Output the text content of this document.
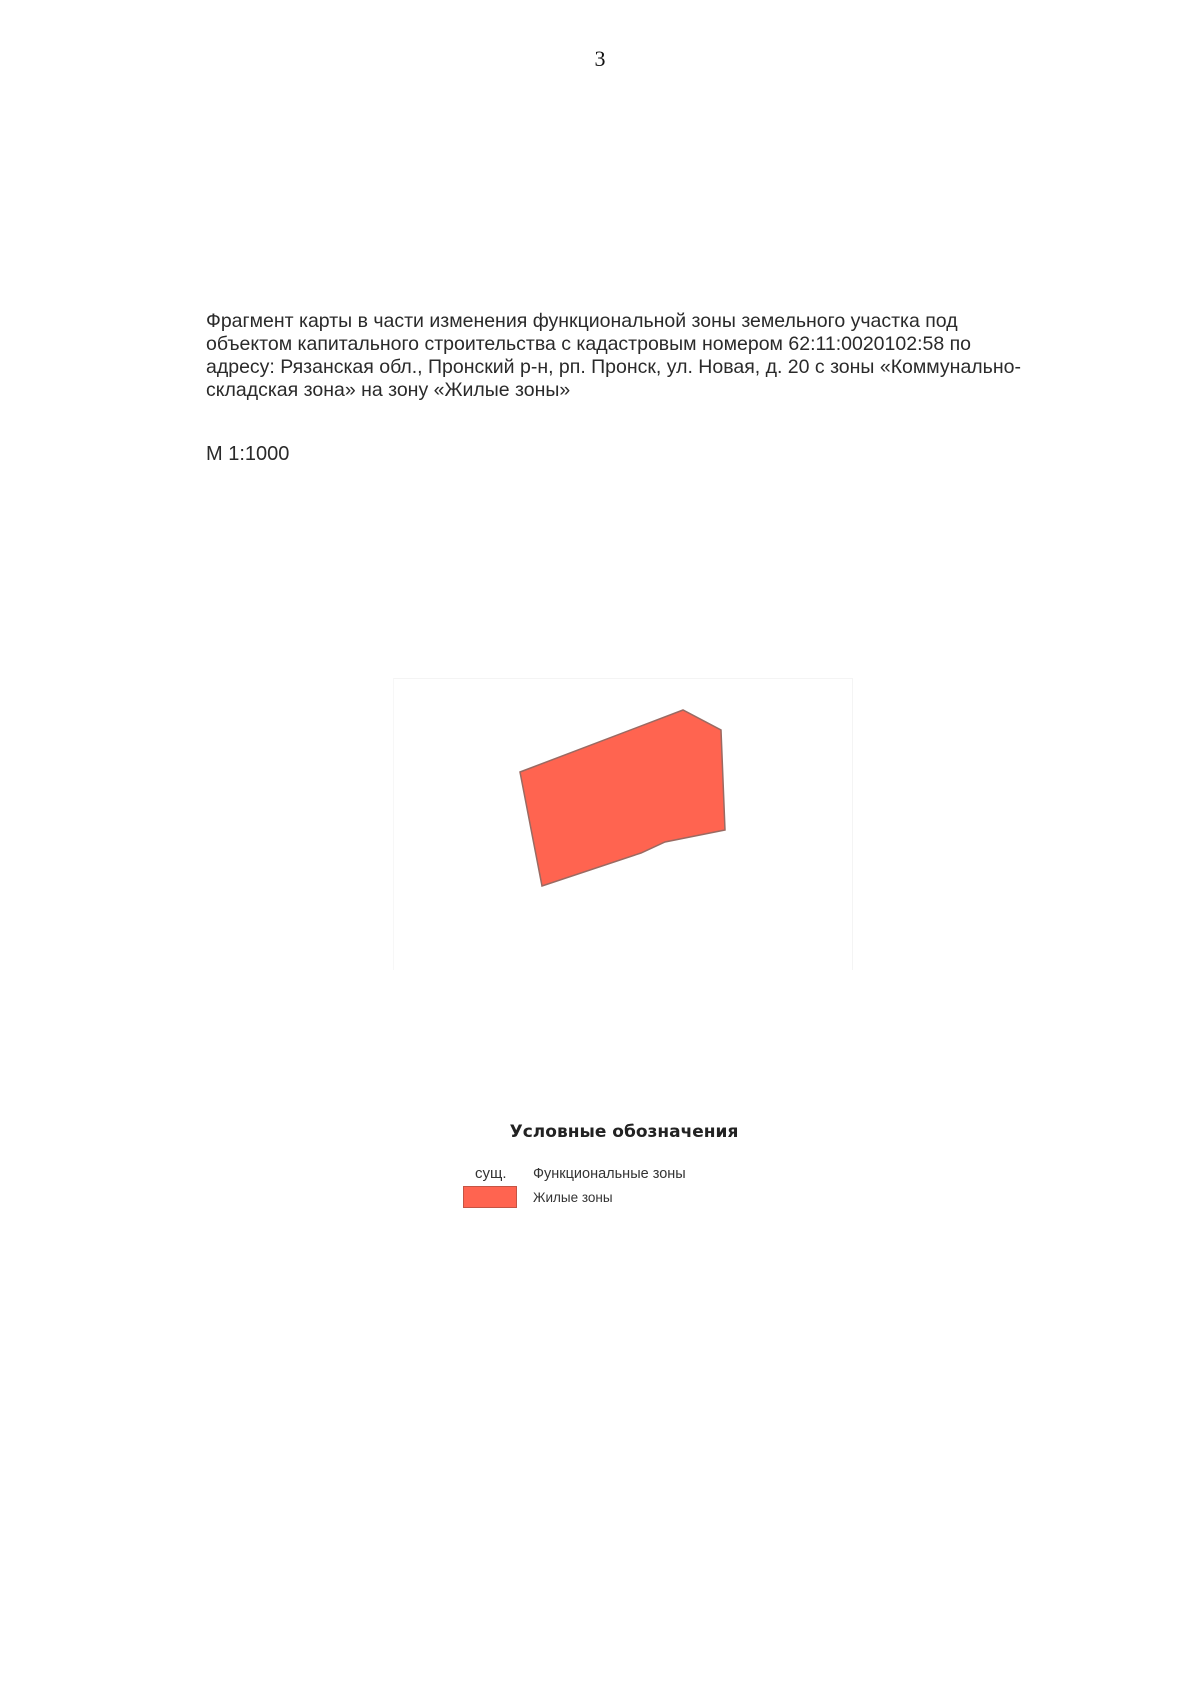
3
Фрагмент карты в части изменения функциональной зоны земельного участка под
объектом капитального строительства с кадастровым номером 62:11:0020102:58 по
адресу: Рязанская обл., Пронский р-н, рп. Пронск, ул. Новая, д. 20 с зоны «Коммунально-
складская зона» на зону «Жилые зоны»
М 1:1000
Условные обозначения
сущ. Функциональные зоны
Жилые зоны
